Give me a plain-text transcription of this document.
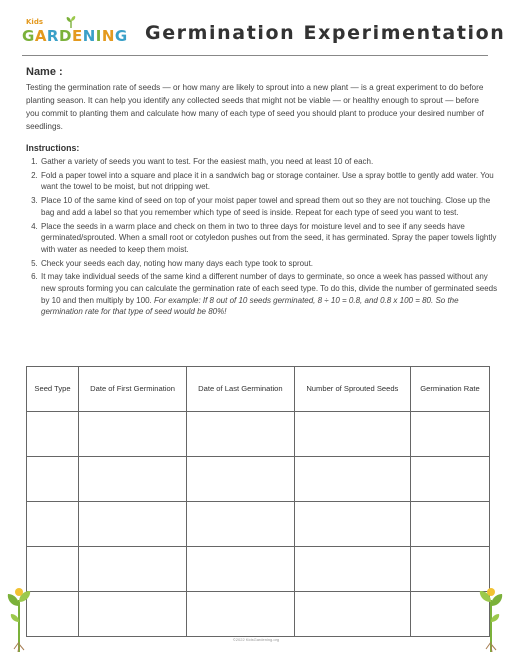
Kids
GARDENING Germination Experimentation
Name :
Testing the germination rate of seeds — or how many are likely to sprout into a new plant — is a great experiment to do before planting season. It can help you identify any collected seeds that might not be viable — or healthy enough to sprout — before you commit to planting them and calculate how many of each type of seed you should plant to produce your desired number of seedlings.
Instructions:
1. Gather a variety of seeds you want to test. For the easiest math, you need at least 10 of each.
2. Fold a paper towel into a square and place it in a sandwich bag or storage container. Use a spray bottle to gently add water. You want the towel to be moist, but not dripping wet.
3. Place 10 of the same kind of seed on top of your moist paper towel and spread them out so they are not touching. Close up the bag and add a label so that you remember which type of seed is inside. Repeat for each type of seed you want to test.
4. Place the seeds in a warm place and check on them in two to three days for moisture level and to see if any seeds have germinated/sprouted. When a small root or cotyledon pushes out from the seed, it has germinated. Spray the paper towels lightly with water as needed to keep them moist.
5. Check your seeds each day, noting how many days each type took to sprout.
6. It may take individual seeds of the same kind a different number of days to germinate, so once a week has passed without any new sprouts forming you can calculate the germination rate of each seed type. To do this, divide the number of germinated seeds by 10 and then multiply by 100. For example: If 8 out of 10 seeds germinated, 8 ÷ 10 = 0.8, and 0.8 x 100 = 80. So the germination rate for that type of seed would be 80%!
Seed Type	Date of First Germination	Date of Last Germination	Number of Sprouted Seeds	Germination Rate

©2022 KidsGardening.org
